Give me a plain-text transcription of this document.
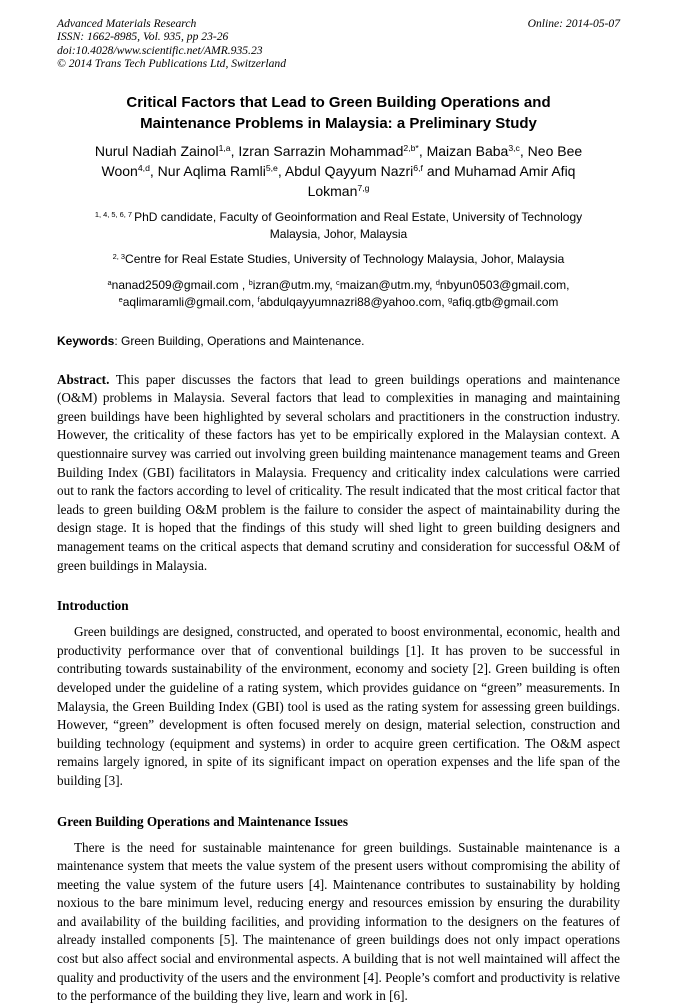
Advanced Materials Research
ISSN: 1662-8985, Vol. 935, pp 23-26
doi:10.4028/www.scientific.net/AMR.935.23
© 2014 Trans Tech Publications Ltd, Switzerland
Online: 2014-05-07
Critical Factors that Lead to Green Building Operations and Maintenance Problems in Malaysia: a Preliminary Study
Nurul Nadiah Zainol$^{1,a}$, Izran Sarrazin Mohammad$^{2,b*}$, Maizan Baba$^{3,c}$, Neo Bee Woon$^{4,d}$, Nur Aqlima Ramli$^{5,e}$, Abdul Qayyum Nazri$^{6,f}$ and Muhamad Amir Afiq Lokman$^{7,g}$
$^{1, 4, 5, 6, 7}$ PhD candidate, Faculty of Geoinformation and Real Estate, University of Technology Malaysia, Johor, Malaysia
$^{2, 3}$Centre for Real Estate Studies, University of Technology Malaysia, Johor, Malaysia
$^a$nanad2509@gmail.com , $^b$izran@utm.my, $^c$maizan@utm.my, $^d$nbyun0503@gmail.com, $^e$aqlimaramli@gmail.com, $^f$abdulqayyumnazri88@yahoo.com, $^g$afiq.gtb@gmail.com
Keywords: Green Building, Operations and Maintenance.

Abstract. This paper discusses the factors that lead to green buildings operations and maintenance (O&M) problems in Malaysia. Several factors that lead to complexities in managing and maintaining green buildings have been highlighted by several scholars and practitioners in the construction industry. However, the criticality of these factors has yet to be empirically explored in the Malaysian context. A questionnaire survey was carried out involving green building maintenance management teams and Green Building Index (GBI) facilitators in Malaysia. Frequency and criticality index calculations were carried out to rank the factors according to level of criticality. The result indicated that the most critical factor that leads to green building O&M problem is the failure to consider the aspect of maintainability during the design stage. It is hoped that the findings of this study will shed light to green building designers and management teams on the critical aspects that demand scrutiny and consideration for successful O&M of green buildings in Malaysia.

Introduction

Green buildings are designed, constructed, and operated to boost environmental, economic, health and productivity performance over that of conventional buildings [1]. It has proven to be successful in contributing towards sustainability of the environment, economy and society [2]. Green building is often developed under the guideline of a rating system, which provides guidance on “green” measurements. In Malaysia, the Green Building Index (GBI) tool is used as the rating system for assessing green buildings. However, “green” development is often focused merely on design, material selection, construction and building technology (equipment and systems) in order to acquire green certification. The O&M aspect remains largely ignored, in spite of its significant impact on operation expenses and the life span of the building [3].

Green Building Operations and Maintenance Issues

There is the need for sustainable maintenance for green buildings. Sustainable maintenance is a maintenance system that meets the value system of the present users without compromising the ability of meeting the value system of the future users [4]. Maintenance contributes to sustainability by holding noxious to the bare minimum level, reducing energy and resources emission by ensuring the durability and availability of the building facilities, and providing information to the designers on the features of already installed components [5]. The maintenance of green buildings does not only impact operations cost but also affect social and environmental aspects. A building that is not well maintained will affect the quality and productivity of the users and the environment [4]. People’s comfort and productivity is relative to the performance of the building they live, learn and work in [6].
